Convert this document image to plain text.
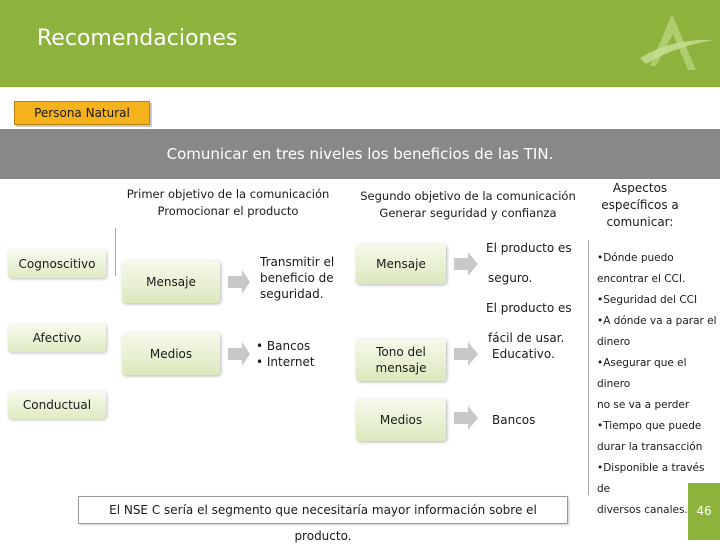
Recomendaciones
Persona Natural
Comunicar en tres niveles los beneficios de las TIN.
Primer objetivo de la comunicación
Promocionar el producto
Segundo objetivo de la comunicación
Generar seguridad y confianza
Aspectos
específicos a
comunicar:
Cognoscitivo
Afectivo
Conductual
Mensaje
Medios
Transmitir el
beneficio de
seguridad.
• Bancos
• Internet
Mensaje
Tono del
mensaje
Medios
El producto es
seguro.
El producto es
fácil de usar.
Educativo.
Bancos
•Dónde puedo
encontrar el CCI.
•Seguridad del CCI
•A dónde va a parar el
dinero
•Asegurar que el dinero
no se va a perder
•Tiempo que puede
durar la transacción
•Disponible a través de
diversos canales.
El NSE C sería el segmento que necesitaría mayor información sobre el producto.
46
